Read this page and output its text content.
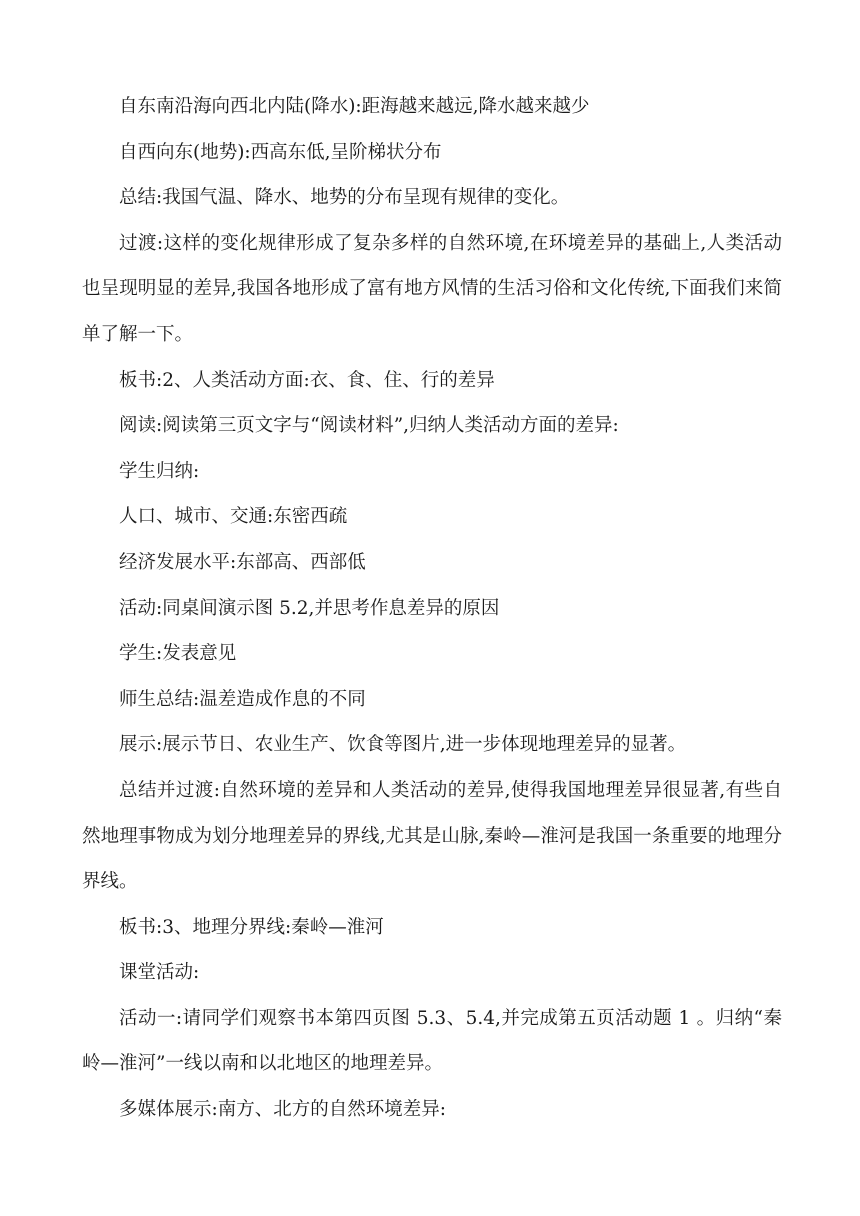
自东南沿海向西北内陆(降水):距海越来越远,降水越来越少

自西向东(地势):西高东低,呈阶梯状分布

总结:我国气温、降水、地势的分布呈现有规律的变化。

过渡:这样的变化规律形成了复杂多样的自然环境,在环境差异的基础上,人类活动也呈现明显的差异,我国各地形成了富有地方风情的生活习俗和文化传统,下面我们来简单了解一下。

板书:2、人类活动方面:衣、食、住、行的差异

阅读:阅读第三页文字与“阅读材料”,归纳人类活动方面的差异:

学生归纳:

人口、城市、交通:东密西疏

经济发展水平:东部高、西部低

活动:同桌间演示图 5.2,并思考作息差异的原因

学生:发表意见

师生总结:温差造成作息的不同

展示:展示节日、农业生产、饮食等图片,进一步体现地理差异的显著。

总结并过渡:自然环境的差异和人类活动的差异,使得我国地理差异很显著,有些自然地理事物成为划分地理差异的界线,尤其是山脉,秦岭—淮河是我国一条重要的地理分界线。

板书:3、地理分界线:秦岭—淮河

课堂活动:

活动一:请同学们观察书本第四页图 5.3、5.4,并完成第五页活动题 1 。归纳“秦岭—淮河”一线以南和以北地区的地理差异。

多媒体展示:南方、北方的自然环境差异:
